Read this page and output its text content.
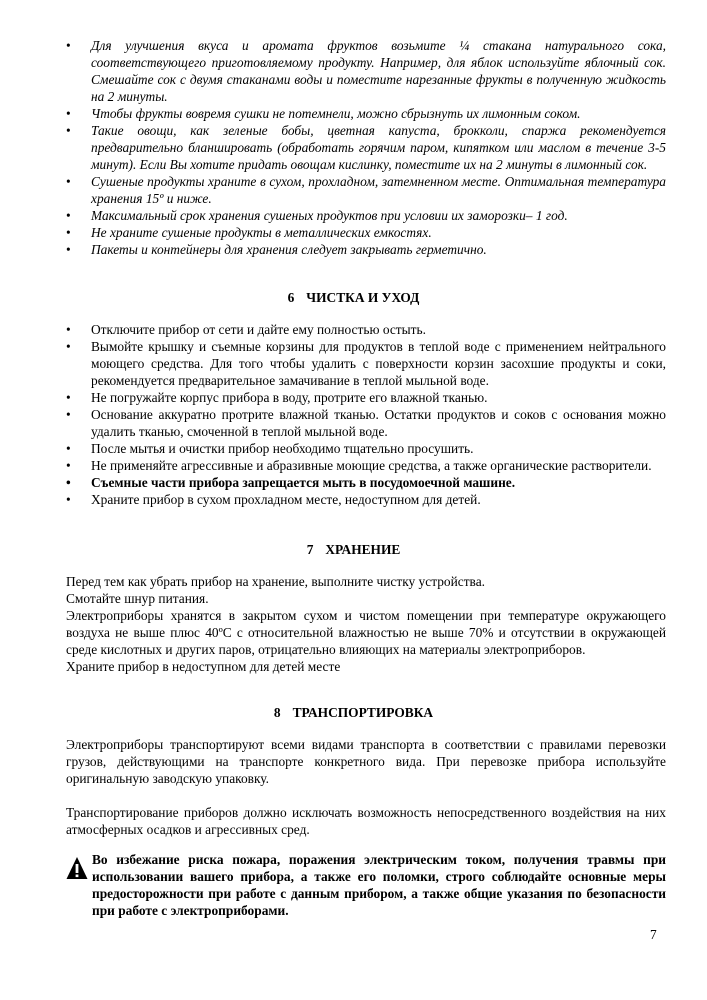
• Для улучшения вкуса и аромата фруктов возьмите ¼ стакана натурального сока, соответствующего приготовляемому продукту. Например, для яблок используйте яблочный сок. Смешайте сок с двумя стаканами воды и поместите нарезанные фрукты в полученную жидкость на 2 минуты.
• Чтобы фрукты вовремя сушки не потемнели, можно сбрызнуть их лимонным соком.
• Такие овощи, как зеленые бобы, цветная капуста, брокколи, спаржа рекомендуется предварительно бланшировать (обработать горячим паром, кипятком или маслом в течение 3-5 минут). Если Вы хотите придать овощам кислинку, поместите их на 2 минуты в лимонный сок.
• Сушеные продукты храните в сухом, прохладном, затемненном месте. Оптимальная температура хранения 15º и ниже.
• Максимальный срок хранения сушеных продуктов при условии их заморозки– 1 год.
• Не храните сушеные продукты в металлических емкостях.
• Пакеты и контейнеры для хранения следует закрывать герметично.
6 ЧИСТКА И УХОД
• Отключите прибор от сети и дайте ему полностью остыть.
• Вымойте крышку и съемные корзины для продуктов в теплой воде с применением нейтрального моющего средства. Для того чтобы удалить с поверхности корзин засохшие продукты и соки, рекомендуется предварительное замачивание в теплой мыльной воде.
• Не погружайте корпус прибора в воду, протрите его влажной тканью.
• Основание аккуратно протрите влажной тканью. Остатки продуктов и соков с основания можно удалить тканью, смоченной в теплой мыльной воде.
• После мытья и очистки прибор необходимо тщательно просушить.
• Не применяйте агрессивные и абразивные моющие средства, а также органические растворители.
• Съемные части прибора запрещается мыть в посудомоечной машине.
• Храните прибор в сухом прохладном месте, недоступном для детей.
7 ХРАНЕНИЕ

Перед тем как убрать прибор на хранение, выполните чистку устройства.

Смотайте шнур питания.

Электроприборы хранятся в закрытом сухом и чистом помещении при температуре окружающего воздуха не выше плюс 40ºС с относительной влажностью не выше 70% и отсутствии в окружающей среде кислотных и других паров, отрицательно влияющих на материалы электроприборов.

Храните прибор в недоступном для детей месте

8 ТРАНСПОРТИРОВКА

Электроприборы транспортируют всеми видами транспорта в соответствии с правилами перевозки грузов, действующими на транспорте конкретного вида. При перевозке прибора используйте оригинальную заводскую упаковку.

Транспортирование приборов должно исключать возможность непосредственного воздействия на них атмосферных осадков и агрессивных сред.

Во избежание риска пожара, поражения электрическим током, получения травмы при использовании вашего прибора, а также его поломки, строго соблюдайте основные меры предосторожности при работе с данным прибором, а также общие указания по безопасности при работе с электроприборами.
7
